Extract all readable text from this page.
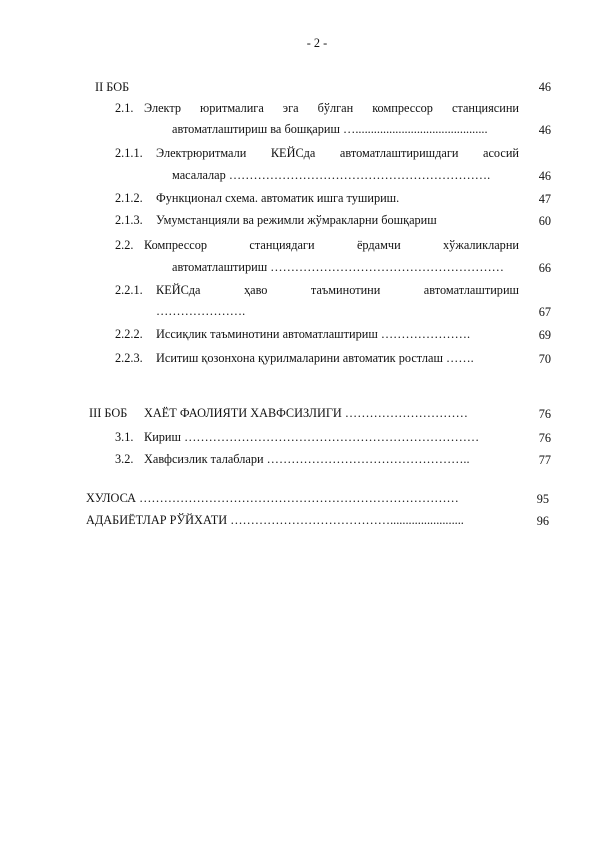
- 2 -
II БОБ	46
2.1. Электр юритмалига эга бўлган компрессор станциясини
автоматлаштириш ва бошқариш …...........................................	46
2.1.1. Электрюритмали КЕЙСда автоматлаштиришдаги асосий
масалалар ……………………………………………………….	46
2.1.2. Функционал схема. автоматик ишга тушириш.	47
2.1.3. Умумстанцияли ва режимли жўмракларни бошқариш	60
2.2. Компрессор станциядаги ёрдамчи хўжаликларни
автоматлаштириш …………………………………………………	66
2.2.1. КЕЙСда ҳаво таъминотини автоматлаштириш
………………….	67
2.2.2. Иссиқлик таъминотини автоматлаштириш ………………….	69
2.2.3. Иситиш қозонхона қурилмаларини автоматик ростлаш …….	70
III БОБ ХАЁТ ФАОЛИЯТИ ХАВФСИЗЛИГИ …………………………	76
3.1. Кириш ………………………………………………………………	76
3.2. Хавфсизлик талаблари …………………………………………..	77
ХУЛОСА ……………………………………………………………………	95
АДАБИЁТЛАР РЎЙХАТИ …………………………………........................	96
